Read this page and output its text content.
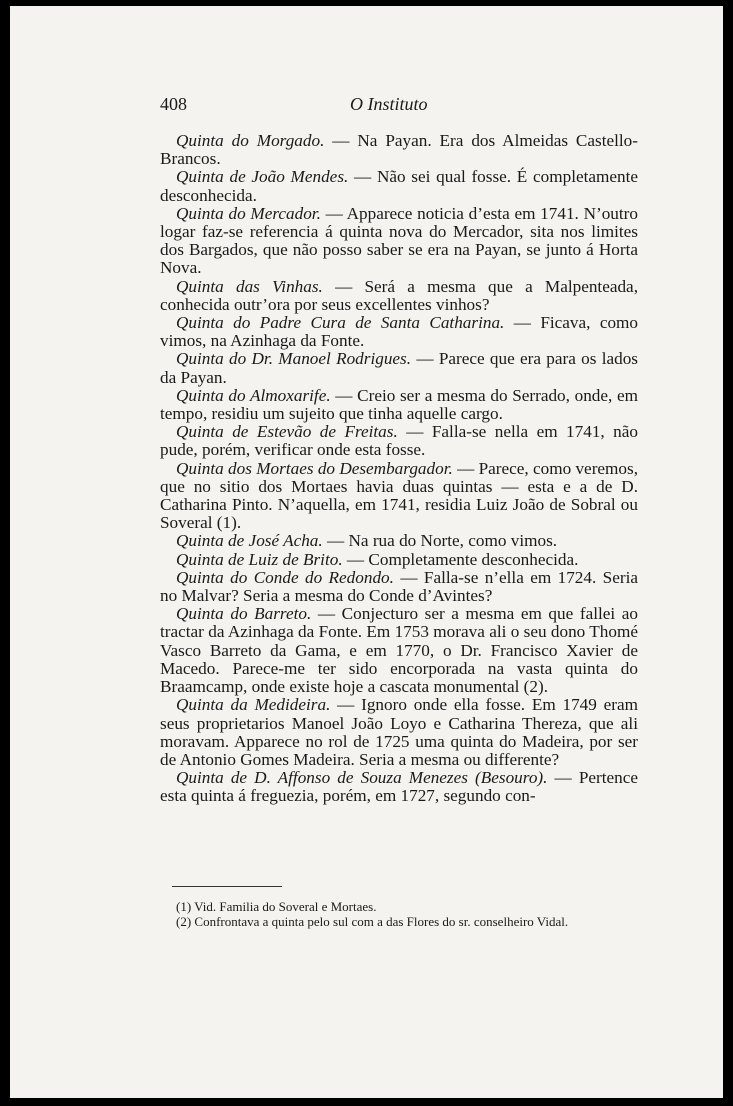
408	O Instituto

Quinta do Morgado. — Na Payan. Era dos Almeidas Castello-Brancos.

Quinta de João Mendes. — Não sei qual fosse. É completamente desconhecida.

Quinta do Mercador. — Apparece noticia d’esta em 1741. N’outro logar faz-se referencia á quinta nova do Mercador, sita nos limites dos Bargados, que não posso saber se era na Payan, se junto á Horta Nova.

Quinta das Vinhas. — Será a mesma que a Malpenteada, conhecida outr’ora por seus excellentes vinhos?

Quinta do Padre Cura de Santa Catharina. — Ficava, como vimos, na Azinhaga da Fonte.

Quinta do Dr. Manoel Rodrigues. — Parece que era para os lados da Payan.

Quinta do Almoxarife. — Creio ser a mesma do Serrado, onde, em tempo, residiu um sujeito que tinha aquelle cargo.

Quinta de Estevão de Freitas. — Falla-se nella em 1741, não pude, porém, verificar onde esta fosse.

Quinta dos Mortaes do Desembargador. — Parece, como veremos, que no sitio dos Mortaes havia duas quintas — esta e a de D. Catharina Pinto. N’aquella, em 1741, residia Luiz João de Sobral ou Soveral (1).

Quinta de José Acha. — Na rua do Norte, como vimos.

Quinta de Luiz de Brito. — Completamente desconhecida.

Quinta do Conde do Redondo. — Falla-se n’ella em 1724. Seria no Malvar? Seria a mesma do Conde d’Avintes?

Quinta do Barreto. — Conjecturo ser a mesma em que fallei ao tractar da Azinhaga da Fonte. Em 1753 morava ali o seu dono Thomé Vasco Barreto da Gama, e em 1770, o Dr. Francisco Xavier de Macedo. Parece-me ter sido encorporada na vasta quinta do Braamcamp, onde existe hoje a cascata monumental (2).

Quinta da Medideira. — Ignoro onde ella fosse. Em 1749 eram seus proprietarios Manoel João Loyo e Catharina Thereza, que ali moravam. Apparece no rol de 1725 uma quinta do Madeira, por ser de Antonio Gomes Madeira. Seria a mesma ou differente?

Quinta de D. Affonso de Souza Menezes (Besouro). — Pertence esta quinta á freguezia, porém, em 1727, segundo con-

(1) Vid. Familia do Soveral e Mortaes.

(2) Confrontava a quinta pelo sul com a das Flores do sr. conselheiro Vidal.
